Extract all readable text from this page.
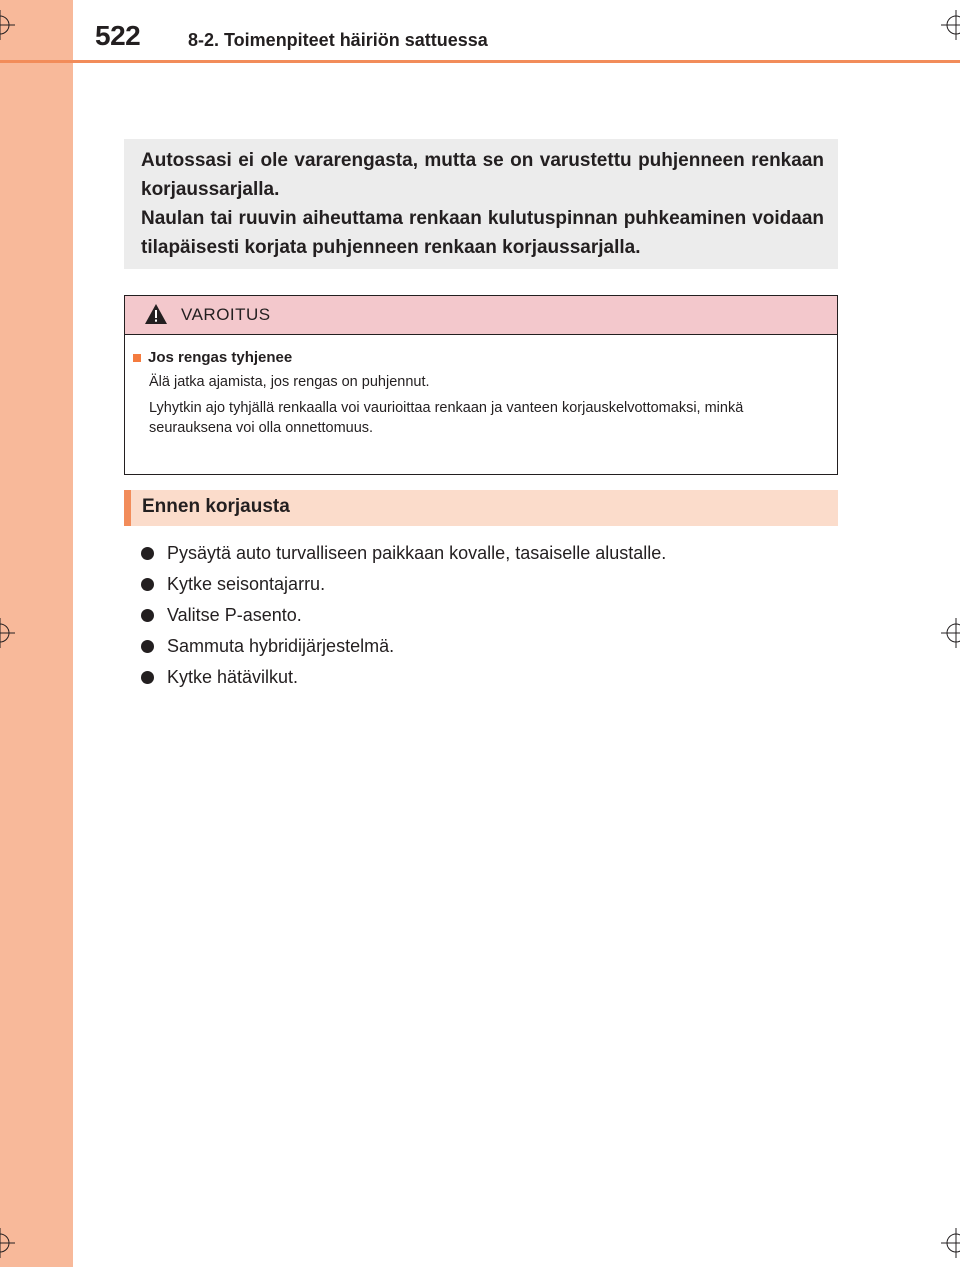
522	8-2. Toimenpiteet häiriön sattuessa

Autossasi ei ole vararengasta, mutta se on varustettu puhjenneen renkaan korjaussarjalla.

Naulan tai ruuvin aiheuttama renkaan kulutuspinnan puhkeaminen voidaan tilapäisesti korjata puhjenneen renkaan korjaussarjalla.

VAROITUS
Jos rengas tyhjenee

Älä jatka ajamista, jos rengas on puhjennut.

Lyhytkin ajo tyhjällä renkaalla voi vaurioittaa renkaan ja vanteen korjauskelvottomaksi, minkä seurauksena voi olla onnettomuus.

Ennen korjausta
Pysäytä auto turvalliseen paikkaan kovalle, tasaiselle alustalle.
Kytke seisontajarru.
Valitse P-asento.
Sammuta hybridijärjestelmä.
Kytke hätävilkut.
